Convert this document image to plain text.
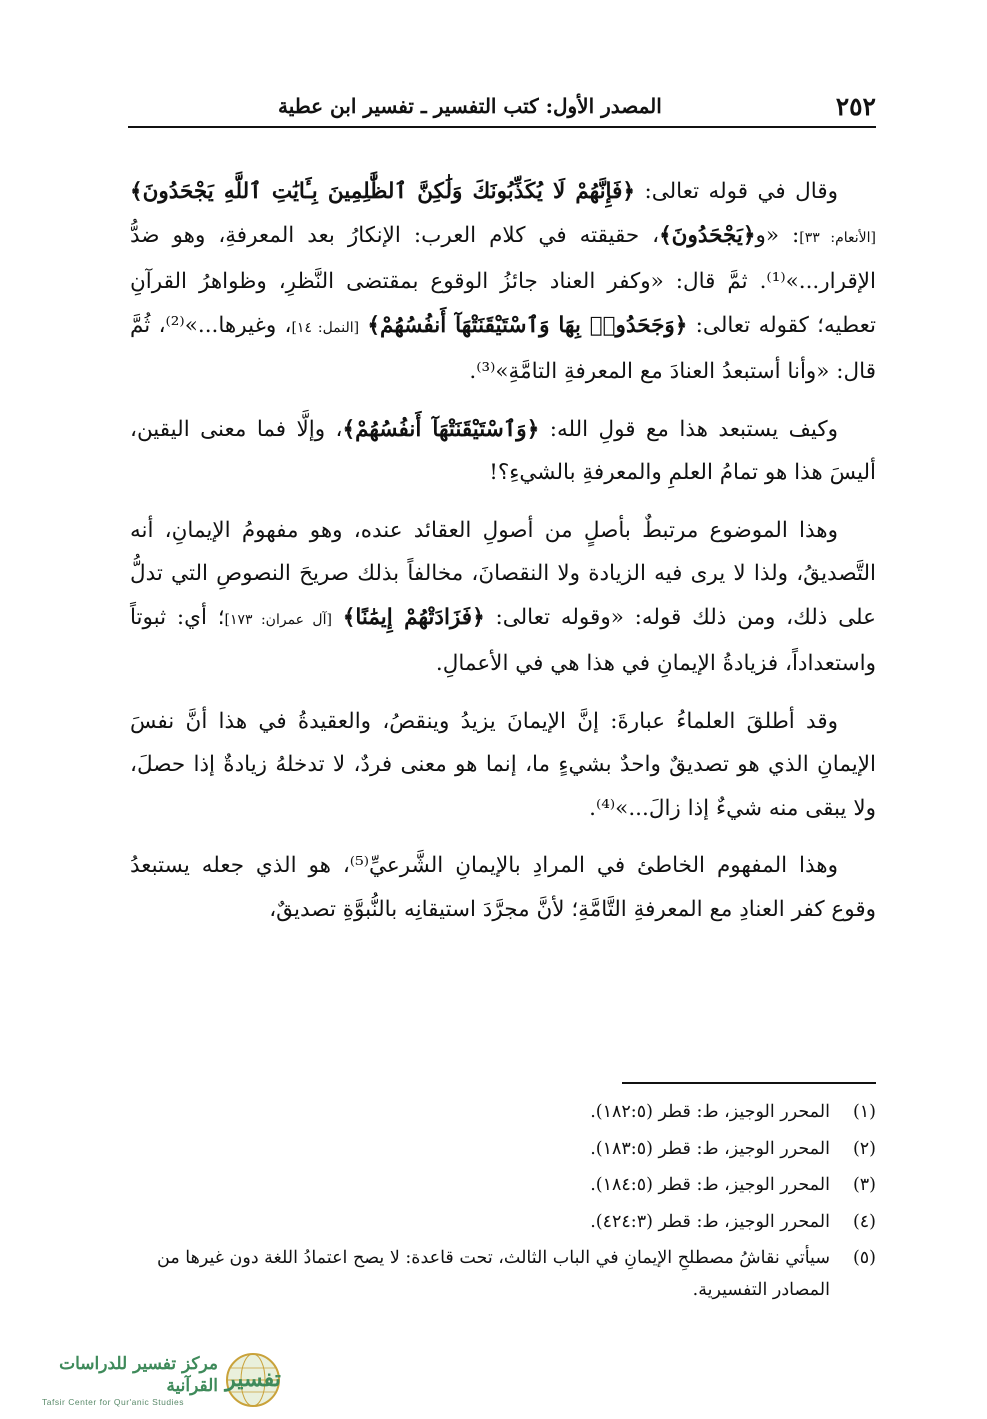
٢٥٢
المصدر الأول: كتب التفسير ـ تفسير ابن عطية

وقال في قوله تعالى: ﴿فَإِنَّهُمْ لَا يُكَذِّبُونَكَ وَلَٰكِنَّ ٱلظَّٰلِمِينَ بِـَٔايَٰتِ ٱللَّهِ يَجْحَدُونَ﴾ [الأنعام: ٣٣]: «و﴿يَجْحَدُونَ﴾، حقيقته في كلام العرب: الإنكارُ بعد المعرفةِ، وهو ضدُّ الإقرار...»⁽¹⁾. ثمَّ قال: «وكفر العناد جائزُ الوقوع بمقتضى النَّظرِ، وظواهرُ القرآنِ تعطيه؛ كقوله تعالى: ﴿وَجَحَدُوا۟ بِهَا وَٱسْتَيْقَنَتْهَآ أَنفُسُهُمْ﴾ [النمل: ١٤]، وغيرها...»⁽²⁾، ثُمَّ قال: «وأنا أستبعدُ العنادَ مع المعرفةِ التامَّةِ»⁽³⁾.

وكيف يستبعد هذا مع قولِ الله: ﴿وَٱسْتَيْقَنَتْهَآ أَنفُسُهُمْ﴾، وإلَّا فما معنى اليقين، أليسَ هذا هو تمامُ العلمِ والمعرفةِ بالشيءِ؟!

وهذا الموضوع مرتبطٌ بأصلٍ من أصولِ العقائد عنده، وهو مفهومُ الإيمانِ، أنه التَّصديقُ، ولذا لا يرى فيه الزيادة ولا النقصانَ، مخالفاً بذلك صريحَ النصوصِ التي تدلُّ على ذلك، ومن ذلك قوله: «وقوله تعالى: ﴿فَزَادَتْهُمْ إِيمَٰنًا﴾ [آل عمران: ١٧٣]؛ أي: ثبوتاً واستعداداً، فزيادةُ الإيمانِ في هذا هي في الأعمالِ.

وقد أطلقَ العلماءُ عبارةَ: إنَّ الإيمانَ يزيدُ وينقصُ، والعقيدةُ في هذا أنَّ نفسَ الإيمانِ الذي هو تصديقٌ واحدٌ بشيءٍ ما، إنما هو معنى فردٌ، لا تدخلهُ زيادةٌ إذا حصلَ، ولا يبقى منه شيءٌ إذا زالَ...»⁽⁴⁾.

وهذا المفهوم الخاطئ في المرادِ بالإيمانِ الشَّرعيِّ⁽⁵⁾، هو الذي جعله يستبعدُ وقوع كفر العنادِ مع المعرفةِ التَّامَّةِ؛ لأنَّ مجرَّدَ استيقانِه بالنُّبوَّةِ تصديقٌ،

(١)
المحرر الوجيز، ط: قطر (١٨٢:٥).
(٢)
المحرر الوجيز، ط: قطر (١٨٣:٥).
(٣)
المحرر الوجيز، ط: قطر (١٨٤:٥).
(٤)
المحرر الوجيز، ط: قطر (٤٢٤:٣).
(٥)
سيأتي نقاشُ مصطلحِ الإيمانِ في الباب الثالث، تحت قاعدة: لا يصح اعتمادُ اللغة دون غيرها من المصادر التفسيرية.
مركز تفسير للدراسات القرآنية
Tafsir Center for Qur'anic Studies
تفسير
